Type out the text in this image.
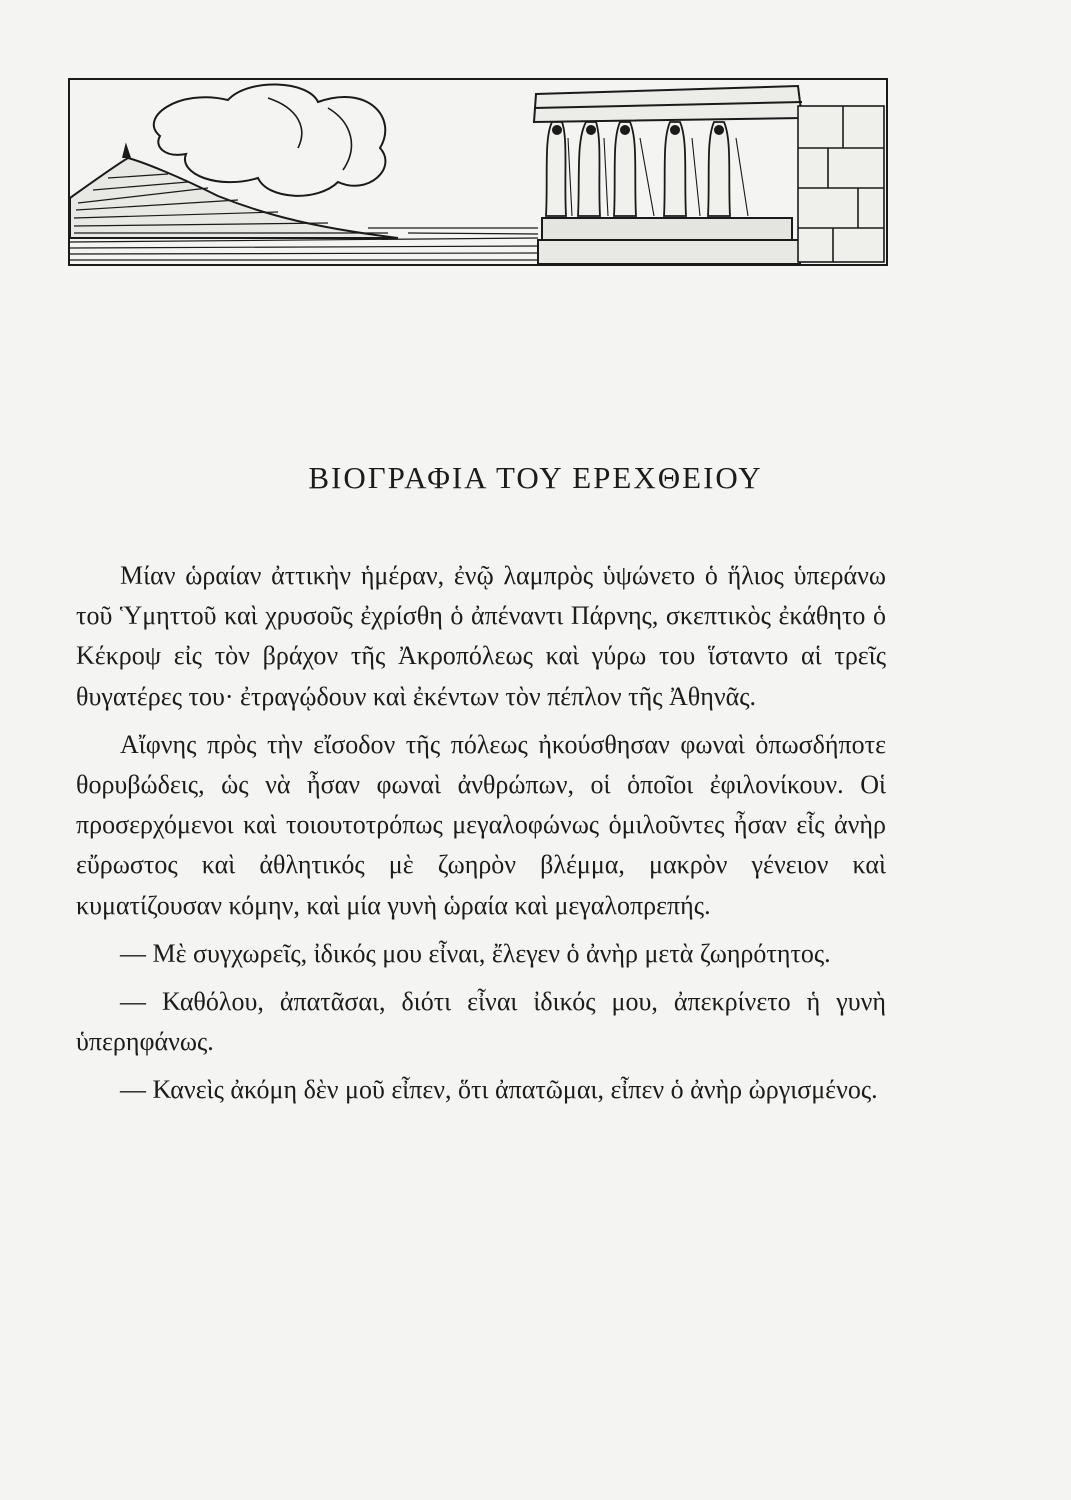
ΒΙΟΓΡΑΦΙΑ ΤΟΥ ΕΡΕΧΘΕΙΟΥ

Μίαν ὡραίαν ἀττικὴν ἡμέραν, ἐνῷ λαμπρὸς ὑψώνετο ὁ ἥλιος ὑπεράνω τοῦ Ὑμηττοῦ καὶ χρυσοῦς ἐχρίσθη ὁ ἀπέναντι Πάρνης, σκεπτικὸς ἐκάθητο ὁ Κέκροψ εἰς τὸν βράχον τῆς Ἀκροπόλεως καὶ γύρω του ἵσταντο αἱ τρεῖς θυγατέρες του· ἐτραγῴδουν καὶ ἐκέντων τὸν πέπλον τῆς Ἀθηνᾶς.

Αἴφνης πρὸς τὴν εἴσοδον τῆς πόλεως ἠκούσθησαν φωναὶ ὁπωσδήποτε θορυβώδεις, ὡς νὰ ἦσαν φωναὶ ἀνθρώπων, οἱ ὁποῖοι ἐφιλονίκουν. Οἱ προσερχόμενοι καὶ τοιουτοτρόπως μεγαλοφώνως ὁμιλοῦντες ἦσαν εἷς ἀνὴρ εὔρωστος καὶ ἀθλητικός μὲ ζωηρὸν βλέμμα, μακρὸν γένειον καὶ κυματίζουσαν κόμην, καὶ μία γυνὴ ὡραία καὶ μεγαλοπρεπής.

— Μὲ συγχωρεῖς, ἰδικός μου εἶναι, ἔλεγεν ὁ ἀνὴρ μετὰ ζωηρότητος.

— Καθόλου, ἀπατᾶσαι, διότι εἶναι ἰδικός μου, ἀπεκρίνετο ἡ γυνὴ ὑπερηφάνως.

— Κανεὶς ἀκόμη δὲν μοῦ εἶπεν, ὅτι ἀπατῶμαι, εἶπεν ὁ ἀνὴρ ὠργισμένος.
